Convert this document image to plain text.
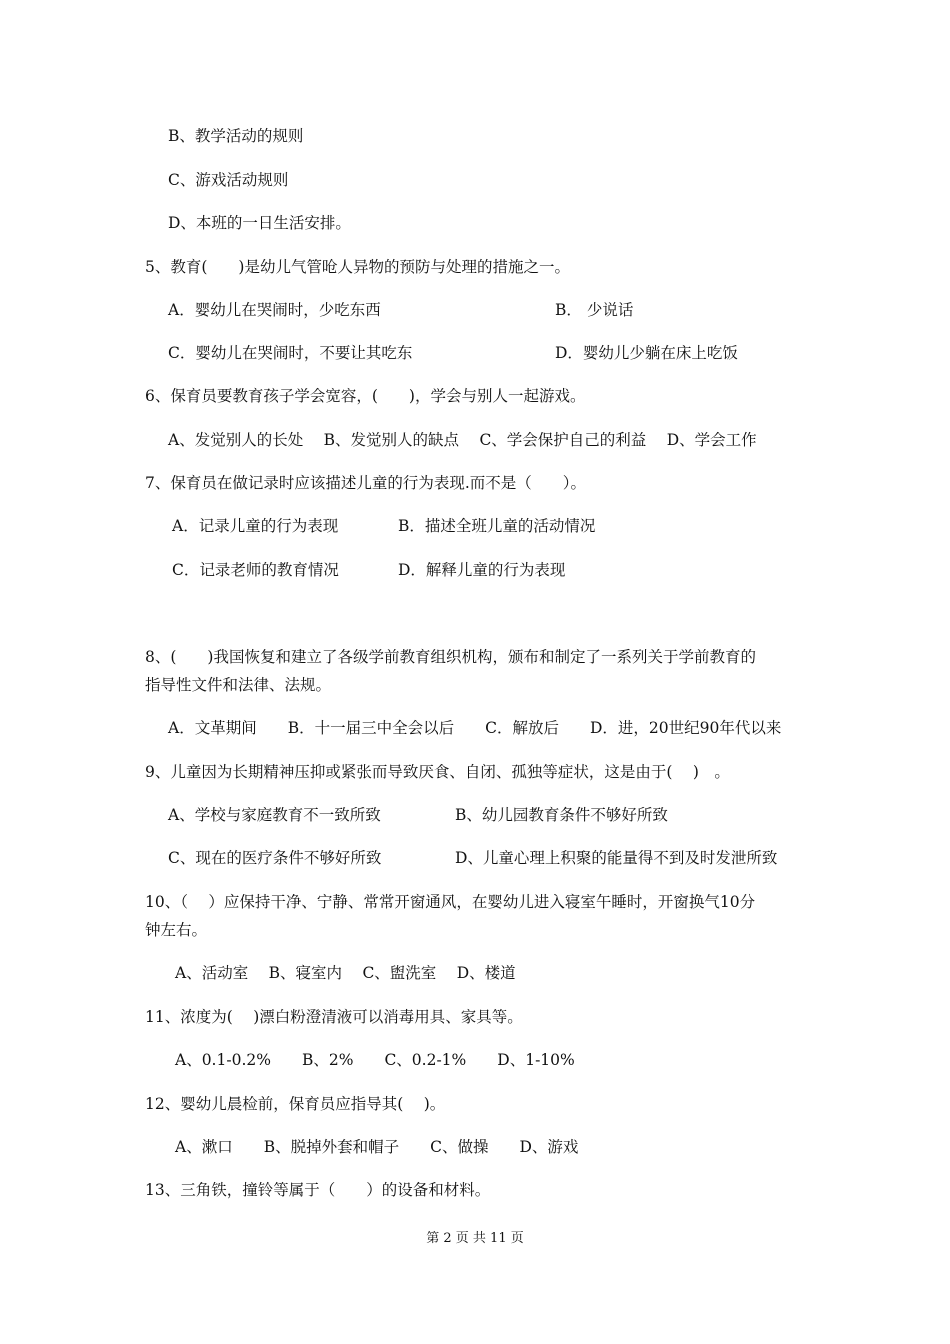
B、教学活动的规则
C、游戏活动规则
D、本班的一日生活安排。
5、教育(　　)是幼儿气管呛人异物的预防与处理的措施之一。
A．婴幼儿在哭闹时，少吃东西	B． 少说话
C．婴幼儿在哭闹时，不要让其吃东	D．婴幼儿少躺在床上吃饭
6、保育员要教育孩子学会宽容，(　　)，学会与别人一起游戏。
A、发觉别人的长处　 B、发觉别人的缺点　 C、学会保护自己的利益　 D、学会工作
7、保育员在做记录时应该描述儿童的行为表现.而不是（　　）。
A．记录儿童的行为表现	B．描述全班儿童的活动情况
C．记录老师的教育情况	D．解释儿童的行为表现
8、(　　)我国恢复和建立了各级学前教育组织机构，颁布和制定了一系列关于学前教育的
指导性文件和法律、法规。
A．文革期间　　B．十一届三中全会以后　　C．解放后　　D．进，20世纪90年代以来
9、儿童因为长期精神压抑或紧张而导致厌食、自闭、孤独等症状，这是由于(　 )　。
A、学校与家庭教育不一致所致	B、幼儿园教育条件不够好所致
C、现在的医疗条件不够好所致	D、儿童心理上积聚的能量得不到及时发泄所致
10、（　 ）应保持干净、宁静、常常开窗通风，在婴幼儿进入寝室午睡时，开窗换气10分
钟左右。
A、活动室　 B、寝室内　 C、盥洗室　 D、楼道
11、浓度为(　 )漂白粉澄清液可以消毒用具、家具等。
A、0.1-0.2%　　B、2%　　C、0.2-1%　　D、1-10%
12、婴幼儿晨检前，保育员应指导其(　 )。
A、漱口　　B、脱掉外套和帽子　　C、做操　　D、游戏
13、三角铁，撞铃等属于（　　）的设备和材料。
第 2 页 共 11 页
